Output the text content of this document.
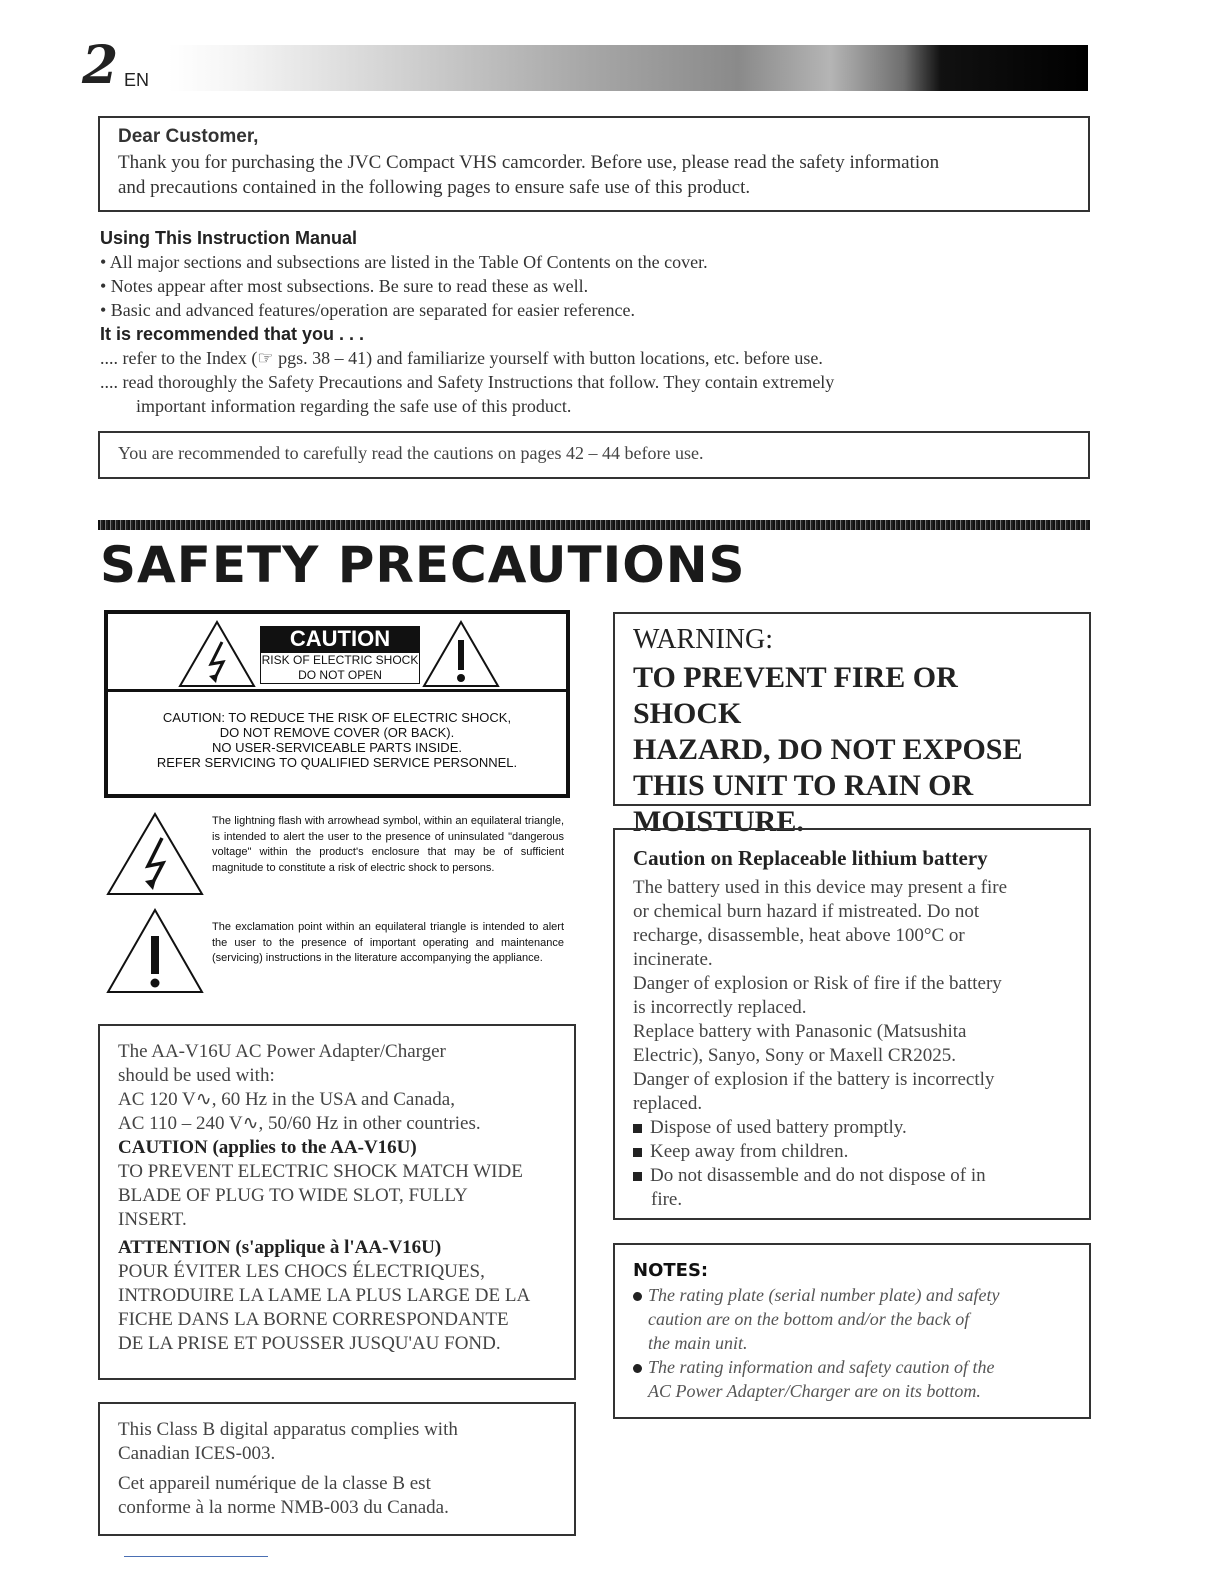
2 EN
Dear Customer,
Thank you for purchasing the JVC Compact VHS camcorder. Before use, please read the safety information
and precautions contained in the following pages to ensure safe use of this product.
Using This Instruction Manual
• All major sections and subsections are listed in the Table Of Contents on the cover.
• Notes appear after most subsections. Be sure to read these as well.
• Basic and advanced features/operation are separated for easier reference.
It is recommended that you . . .
.... refer to the Index (☞ pgs. 38 – 41) and familiarize yourself with button locations, etc. before use.
.... read thoroughly the Safety Precautions and Safety Instructions that follow. They contain extremely
important information regarding the safe use of this product.
You are recommended to carefully read the cautions on pages 42 – 44 before use.
SAFETY PRECAUTIONS
CAUTION
RISK OF ELECTRIC SHOCK
DO NOT OPEN
CAUTION: TO REDUCE THE RISK OF ELECTRIC SHOCK,
DO NOT REMOVE COVER (OR BACK).
NO USER-SERVICEABLE PARTS INSIDE.
REFER SERVICING TO QUALIFIED SERVICE PERSONNEL.
The lightning flash with arrowhead symbol, within an equilateral triangle, is intended to alert the user to the presence of uninsulated "dangerous voltage" within the product's enclosure that may be of sufficient magnitude to constitute a risk of electric shock to persons.
The exclamation point within an equilateral triangle is intended to alert the user to the presence of important operating and maintenance (servicing) instructions in the literature accompanying the appliance.
The AA-V16U AC Power Adapter/Charger
should be used with:
AC 120 V∿, 60 Hz in the USA and Canada,
AC 110 – 240 V∿, 50/60 Hz in other countries.
CAUTION (applies to the AA-V16U)
TO PREVENT ELECTRIC SHOCK MATCH WIDE
BLADE OF PLUG TO WIDE SLOT, FULLY
INSERT.
ATTENTION (s'applique à l'AA-V16U)
POUR ÉVITER LES CHOCS ÉLECTRIQUES,
INTRODUIRE LA LAME LA PLUS LARGE DE LA
FICHE DANS LA BORNE CORRESPONDANTE
DE LA PRISE ET POUSSER JUSQU'AU FOND.
This Class B digital apparatus complies with
Canadian ICES-003.
Cet appareil numérique de la classe B est
conforme à la norme NMB-003 du Canada.
WARNING:
TO PREVENT FIRE OR SHOCK
HAZARD, DO NOT EXPOSE
THIS UNIT TO RAIN OR
MOISTURE.
Caution on Replaceable lithium battery
The battery used in this device may present a fire
or chemical burn hazard if mistreated. Do not
recharge, disassemble, heat above 100°C or
incinerate.
Danger of explosion or Risk of fire if the battery
is incorrectly replaced.
Replace battery with Panasonic (Matsushita
Electric), Sanyo, Sony or Maxell CR2025.
Danger of explosion if the battery is incorrectly
replaced.
Dispose of used battery promptly.
Keep away from children.
Do not disassemble and do not dispose of in
fire.
NOTES:
The rating plate (serial number plate) and safety
caution are on the bottom and/or the back of
the main unit.
The rating information and safety caution of the
AC Power Adapter/Charger are on its bottom.
